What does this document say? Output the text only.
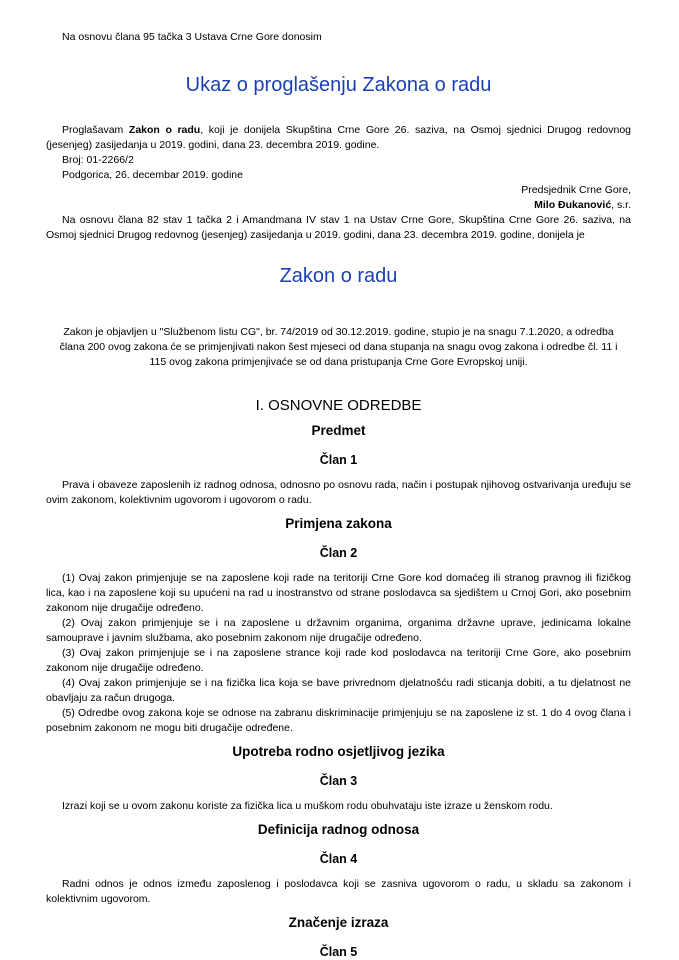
Na osnovu člana 95 tačka 3 Ustava Crne Gore donosim

Ukaz o proglašenju Zakona o radu

Proglašavam Zakon o radu, koji je donijela Skupština Crne Gore 26. saziva, na Osmoj sjednici Drugog redovnog (jesenjeg) zasijedanja u 2019. godini, dana 23. decembra 2019. godine.

Broj: 01-2266/2

Podgorica, 26. decembar 2019. godine

Predsjednik Crne Gore,

Milo Đukanović, s.r.

Na osnovu člana 82 stav 1 tačka 2 i Amandmana IV stav 1 na Ustav Crne Gore, Skupština Crne Gore 26. saziva, na Osmoj sjednici Drugog redovnog (jesenjeg) zasijedanja u 2019. godini, dana 23. decembra 2019. godine, donijela je

Zakon o radu

Zakon je objavljen u "Službenom listu CG", br. 74/2019 od 30.12.2019. godine, stupio je na snagu 7.1.2020, a odredba člana 200 ovog zakona će se primjenjivati nakon šest mjeseci od dana stupanja na snagu ovog zakona i odredbe čl. 11 i 115 ovog zakona primjenjivaće se od dana pristupanja Crne Gore Evropskoj uniji.

I. OSNOVNE ODREDBE
Predmet
Član 1

Prava i obaveze zaposlenih iz radnog odnosa, odnosno po osnovu rada, način i postupak njihovog ostvarivanja uređuju se ovim zakonom, kolektivnim ugovorom i ugovorom o radu.

Primjena zakona
Član 2

(1) Ovaj zakon primjenjuje se na zaposlene koji rade na teritoriji Crne Gore kod domaćeg ili stranog pravnog ili fizičkog lica, kao i na zaposlene koji su upućeni na rad u inostranstvo od strane poslodavca sa sjedištem u Crnoj Gori, ako posebnim zakonom nije drugačije određeno.

(2) Ovaj zakon primjenjuje se i na zaposlene u državnim organima, organima državne uprave, jedinicama lokalne samouprave i javnim službama, ako posebnim zakonom nije drugačije određeno.

(3) Ovaj zakon primjenjuje se i na zaposlene strance koji rade kod poslodavca na teritoriji Crne Gore, ako posebnim zakonom nije drugačije određeno.

(4) Ovaj zakon primjenjuje se i na fizička lica koja se bave privrednom djelatnošću radi sticanja dobiti, a tu djelatnost ne obavljaju za račun drugoga.

(5) Odredbe ovog zakona koje se odnose na zabranu diskriminacije primjenjuju se na zaposlene iz st. 1 do 4 ovog člana i posebnim zakonom ne mogu biti drugačije određene.

Upotreba rodno osjetljivog jezika
Član 3

Izrazi koji se u ovom zakonu koriste za fizička lica u muškom rodu obuhvataju iste izraze u ženskom rodu.

Definicija radnog odnosa
Član 4

Radni odnos je odnos između zaposlenog i poslodavca koji se zasniva ugovorom o radu, u skladu sa zakonom i kolektivnim ugovorom.

Značenje izraza
Član 5
